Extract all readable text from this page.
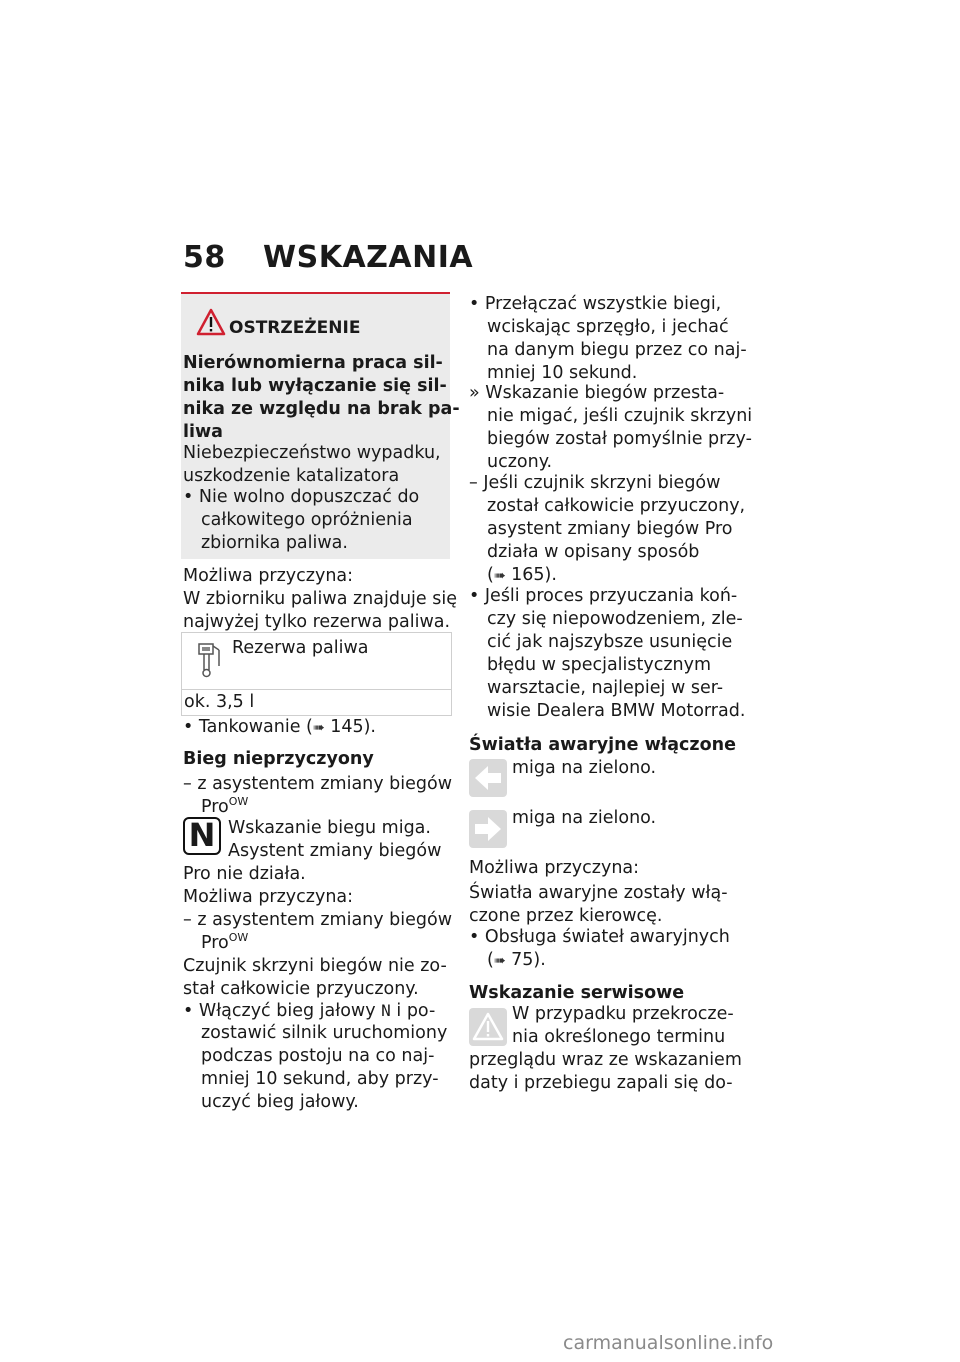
58 WSKAZANIA
OSTRZEŻENIE
Nierównomierna praca sil-
nika lub wyłączanie się sil-
nika ze względu na brak pa-
liwa
Niebezpieczeństwo wypadku,
uszkodzenie katalizatora
• Nie wolno dopuszczać do
całkowitego opróżnienia
zbiornika paliwa.
Możliwa przyczyna:
W zbiorniku paliwa znajduje się
najwyżej tylko rezerwa paliwa.
Rezerwa paliwa
ok. 3,5 l
• Tankowanie (➠ 145).
Bieg nieprzyczyony
– z asystentem zmiany biegów
Pro$^{OW}$
N Wskazanie biegu miga.
Asystent zmiany biegów
Pro nie działa.
Możliwa przyczyna:
– z asystentem zmiany biegów
Pro$^{OW}$
Czujnik skrzyni biegów nie zo-
stał całkowicie przyuczony.
• Włączyć bieg jałowy N i po-
zostawić silnik uruchomiony
podczas postoju na co naj-
mniej 10 sekund, aby przy-
uczyć bieg jałowy.
• Przełączać wszystkie biegi,
wciskając sprzęgło, i jechać
na danym biegu przez co naj-
mniej 10 sekund.
» Wskazanie biegów przesta-
nie migać, jeśli czujnik skrzyni
biegów został pomyślnie przy-
uczony.
– Jeśli czujnik skrzyni biegów
został całkowicie przyuczony,
asystent zmiany biegów Pro
działa w opisany sposób
(➠ 165).
• Jeśli proces przyuczania koń-
czy się niepowodzeniem, zle-
cić jak najszybsze usunięcie
błędu w specjalistycznym
warsztacie, najlepiej w ser-
wisie Dealera BMW Motorrad.
Światła awaryjne włączone
miga na zielono.
miga na zielono.
Możliwa przyczyna:
Światła awaryjne zostały włą-
czone przez kierowcę.
• Obsługa świateł awaryjnych
(➠ 75).
Wskazanie serwisowe
W przypadku przekrocze-
nia określonego terminu
przeglądu wraz ze wskazaniem
daty i przebiegu zapali się do-
carmanualsonline.info
